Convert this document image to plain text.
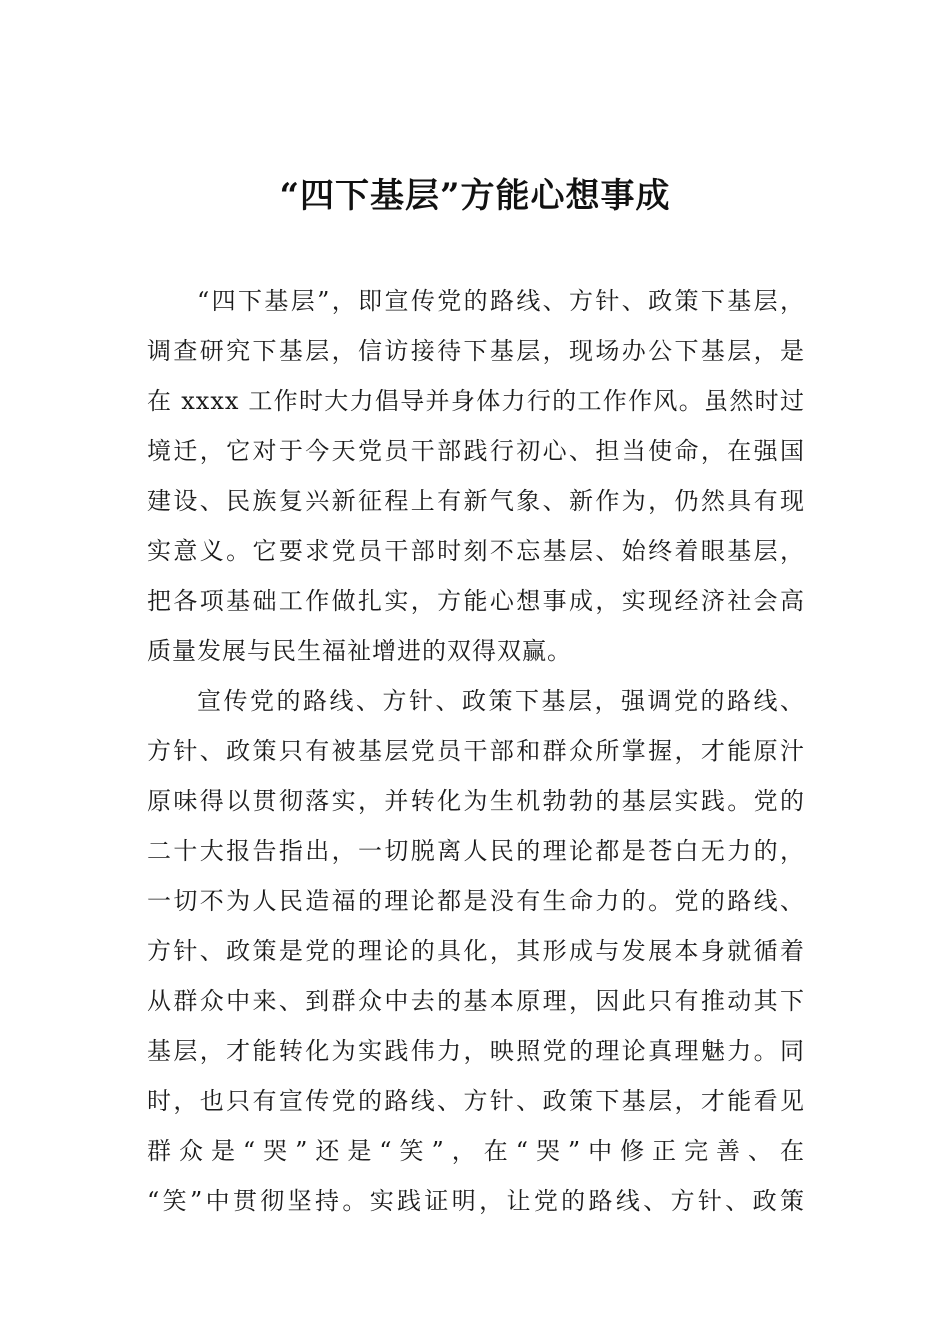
“四下基层”方能心想事成
“四下基层”，即宣传党的路线、方针、政策下基层，
调查研究下基层，信访接待下基层，现场办公下基层，是
在 xxxx 工作时大力倡导并身体力行的工作作风。虽然时过
境迁，它对于今天党员干部践行初心、担当使命，在强国
建设、民族复兴新征程上有新气象、新作为，仍然具有现
实意义。它要求党员干部时刻不忘基层、始终着眼基层，
把各项基础工作做扎实，方能心想事成，实现经济社会高
质量发展与民生福祉增进的双得双赢。
宣传党的路线、方针、政策下基层，强调党的路线、
方针、政策只有被基层党员干部和群众所掌握，才能原汁
原味得以贯彻落实，并转化为生机勃勃的基层实践。党的
二十大报告指出，一切脱离人民的理论都是苍白无力的，
一切不为人民造福的理论都是没有生命力的。党的路线、
方针、政策是党的理论的具化，其形成与发展本身就循着
从群众中来、到群众中去的基本原理，因此只有推动其下
基层，才能转化为实践伟力，映照党的理论真理魅力。同
时，也只有宣传党的路线、方针、政策下基层，才能看见
群众是“哭”还是“笑”，在“哭”中修正完善、在
“笑”中贯彻坚持。实践证明，让党的路线、方针、政策
